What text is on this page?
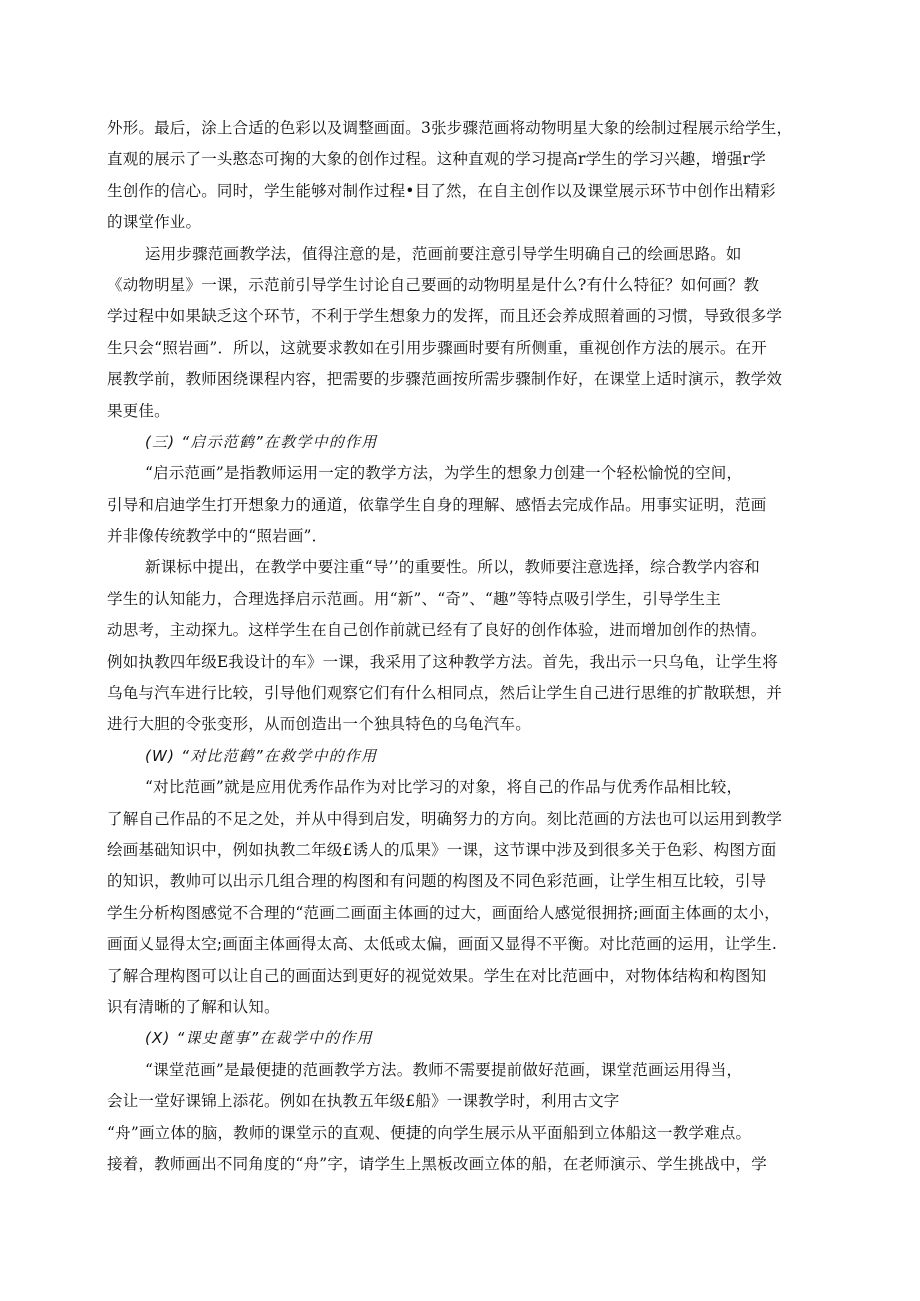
外形。最后，涂上合适的色彩以及调整画面。3张步骤范画将动物明星大象的绘制过程展示给学生，
直观的展示了一头憨态可掬的大象的创作过程。这种直观的学习提高r学生的学习兴趣，增强r学
生创作的信心。同时，学生能够对制作过程•目了然，在自主创作以及课堂展示环节中创作出精彩
的课堂作业。
运用步骤范画教学法，值得注意的是，范画前要注意引导学生明确自己的绘画思路。如
《动物明星》一课，示范前引导学生讨论自己要画的动物明星是什么?有什么特征？如何画？教
学过程中如果缺乏这个环节，不利于学生想象力的发挥，而且还会养成照着画的习惯，导致很多学
生只会“照岩画”．所以，这就要求教如在引用步骤画时要有所侧重，重视创作方法的展示。在开
展教学前，教师困绕课程内容，把需要的步骤范画按所需步骤制作好，在课堂上适时演示，教学效
果更佳。
(三) “启示范鹤”在教学中的作用
“启示范画”是指教师运用一定的教学方法，为学生的想象力创建一个轻松愉悦的空间，
引导和启迪学生打开想象力的通道，依靠学生自身的理解、感悟去完成作品。用事实证明，范画
并非像传统教学中的“照岩画”．
新课标中提出，在教学中要注重“导’’的重要性。所以，教师要注意选择，综合教学内容和
学生的认知能力，合理选择启示范画。用“新”、“奇”、“趣”等特点吸引学生，引导学生主
动思考，主动探九。这样学生在自己创作前就已经有了良好的创作体验，进而增加创作的热情。
例如执教四年级E我设计的车》一课，我采用了这种教学方法。首先，我出示一只乌龟，让学生将
乌龟与汽车进行比较，引导他们观察它们有什么相同点，然后让学生自己进行思维的扩散联想，并
进行大胆的令张变形，从而创造出一个独具特色的乌龟汽车。
(W) “对比范鹤”在救学中的作用
“对比范画”就是应用优秀作品作为对比学习的对象，将自己的作品与优秀作品相比较，
了解自己作品的不足之处，并从中得到启发，明确努力的方向。刻比范画的方法也可以运用到教学
绘画基础知识中，例如执教二年级£诱人的瓜果》一课，这节课中涉及到很多关于色彩、构图方面
的知识，教帅可以出示几组合理的构图和有问题的构图及不同色彩范画，让学生相互比较，引导
学生分析构图感觉不合理的“范画二画面主体画的过大，画面给人感觉很拥挤;画面主体画的太小，
画面乂显得太空;画面主体画得太高、太低或太偏，画面又显得不平衡。对比范画的运用，让学生.
了解合理构图可以让自己的画面达到更好的视觉效果。学生在对比范画中，对物体结构和构图知
识有清晰的了解和认知。
(X) “课史蓖事”在裁学中的作用
“课堂范画”是最便捷的范画教学方法。教师不需要提前做好范画，课堂范画运用得当，
会让一堂好课锦上添花。例如在执教五年级£船》一课教学时，利用古文字
“舟”画立体的脑，教师的课堂示的直观、便捷的向学生展示从平面船到立体船这一教学难点。
接着，教师画出不同角度的“舟”字，请学生上黑板改画立体的船，在老师演示、学生挑战中，学
